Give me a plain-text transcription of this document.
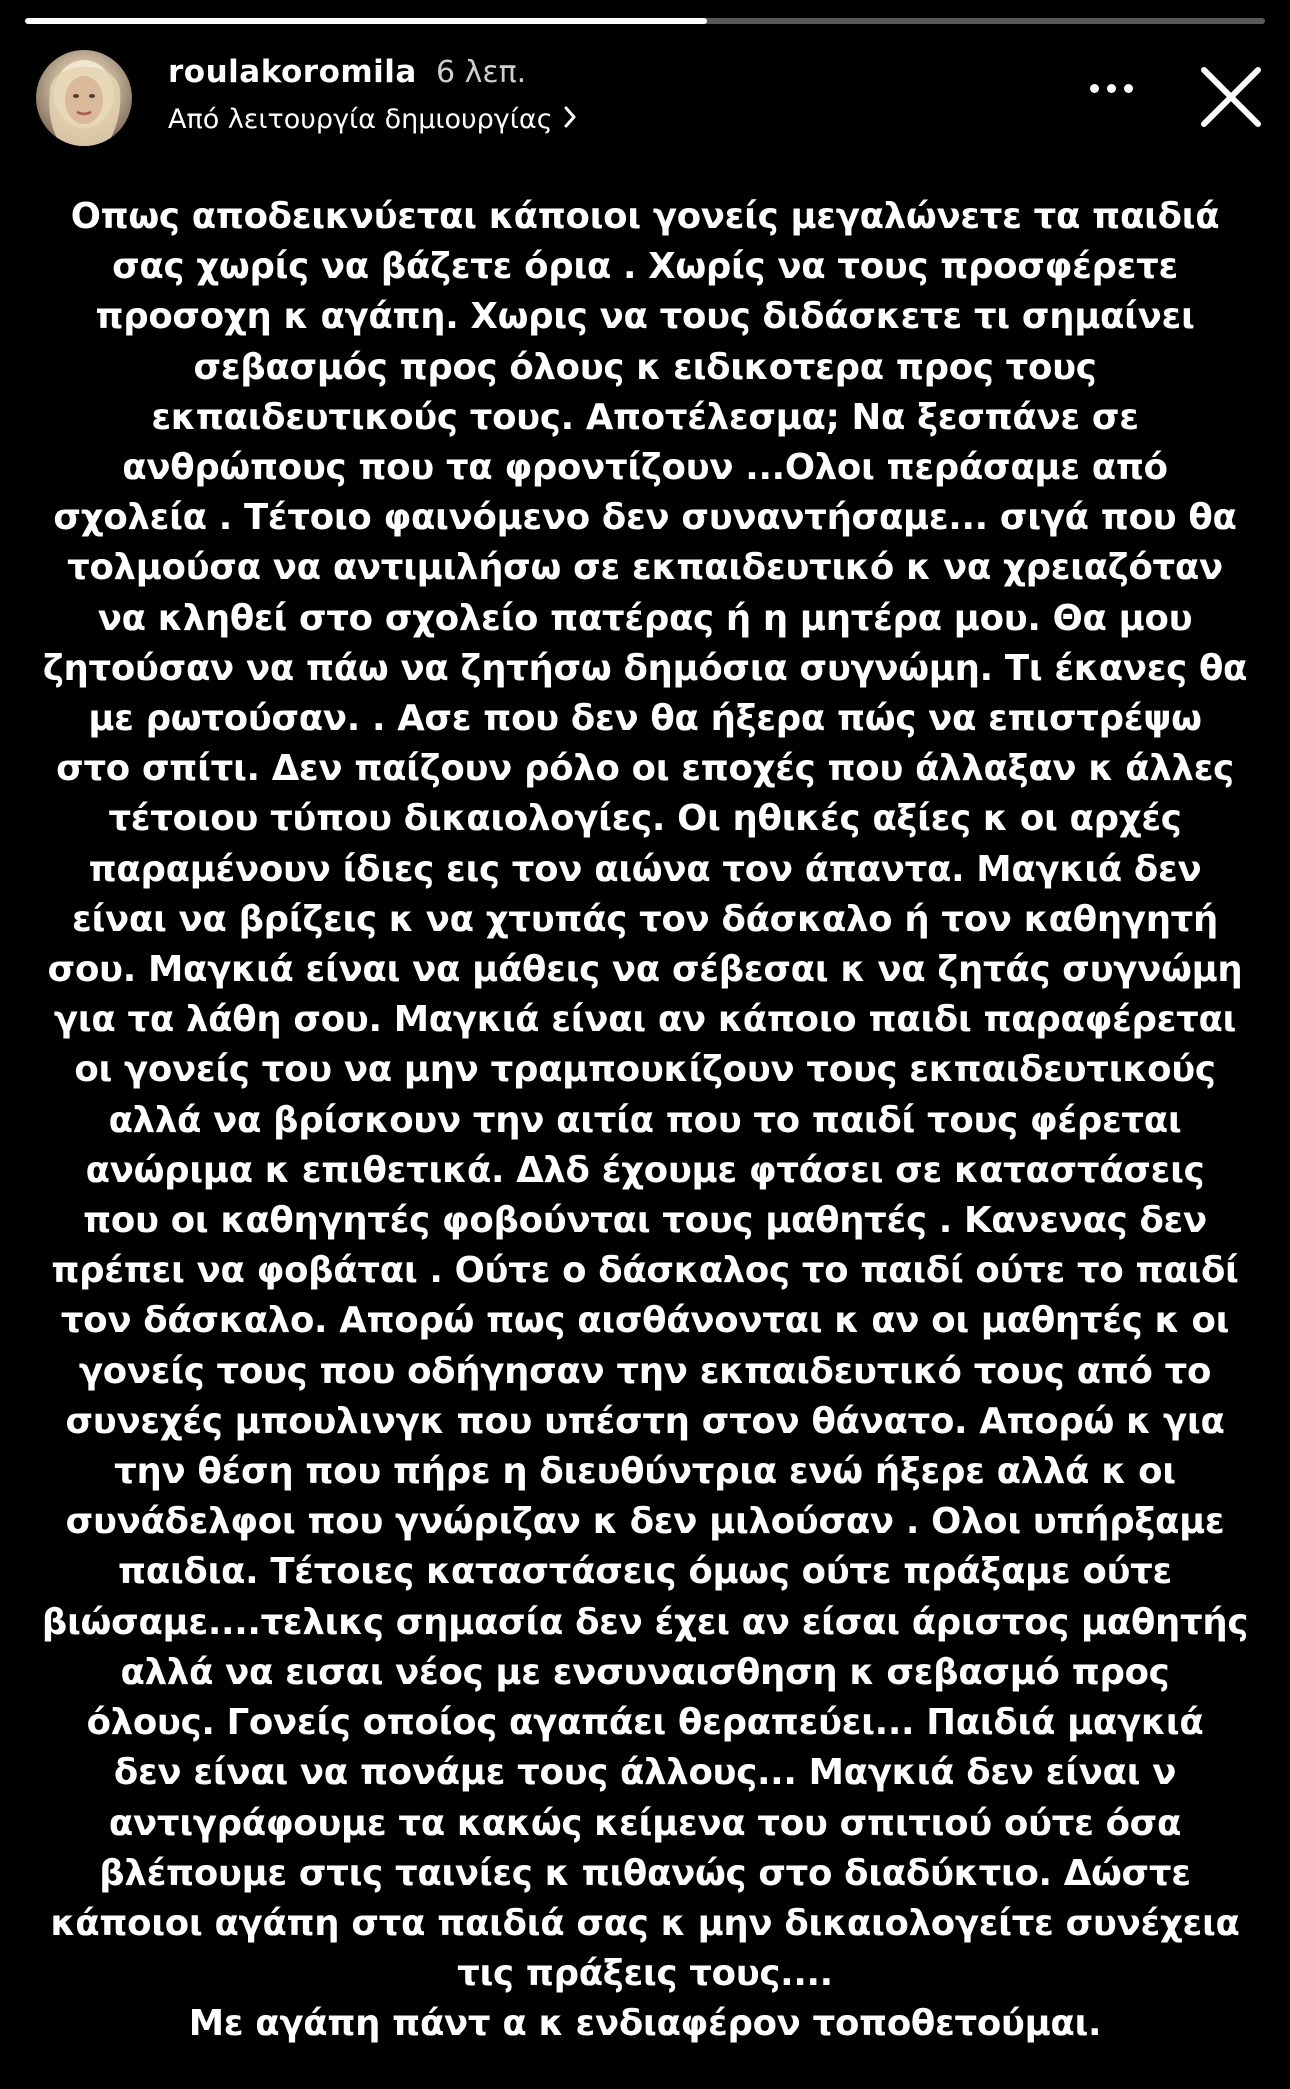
roulakoromila 6 λεπ.
Από λειτουργία δημιουργίας
Οπως αποδεικνύεται κάποιοι γονείς μεγαλώνετε τα παιδιά
σας χωρίς να βάζετε όρια . Χωρίς να τους προσφέρετε
προσοχη κ αγάπη. Χωρις να τους διδάσκετε τι σημαίνει
σεβασμός προς όλους κ ειδικοτερα προς τους
εκπαιδευτικούς τους. Αποτέλεσμα; Να ξεσπάνε σε
ανθρώπους που τα φροντίζουν ...Ολοι περάσαμε από
σχολεία . Τέτοιο φαινόμενο δεν συναντήσαμε... σιγά που θα
τολμούσα να αντιμιλήσω σε εκπαιδευτικό κ να χρειαζόταν
να κληθεί στο σχολείο πατέρας ή η μητέρα μου. Θα μου
ζητούσαν να πάω να ζητήσω δημόσια συγνώμη. Τι έκανες θα
με ρωτούσαν. . Ασε που δεν θα ήξερα πώς να επιστρέψω
στο σπίτι. Δεν παίζουν ρόλο οι εποχές που άλλαξαν κ άλλες
τέτοιου τύπου δικαιολογίες. Οι ηθικές αξίες κ οι αρχές
παραμένουν ίδιες εις τον αιώνα τον άπαντα. Μαγκιά δεν
είναι να βρίζεις κ να χτυπάς τον δάσκαλο ή τον καθηγητή
σου. Μαγκιά είναι να μάθεις να σέβεσαι κ να ζητάς συγνώμη
για τα λάθη σου. Μαγκιά είναι αν κάποιο παιδι παραφέρεται
οι γονείς του να μην τραμπουκίζουν τους εκπαιδευτικούς
αλλά να βρίσκουν την αιτία που το παιδί τους φέρεται
ανώριμα κ επιθετικά. Δλδ έχουμε φτάσει σε καταστάσεις
που οι καθηγητές φοβούνται τους μαθητές . Κανενας δεν
πρέπει να φοβάται . Ούτε ο δάσκαλος το παιδί ούτε το παιδί
τον δάσκαλο. Απορώ πως αισθάνονται κ αν οι μαθητές κ οι
γονείς τους που οδήγησαν την εκπαιδευτικό τους από το
συνεχές μπουλινγκ που υπέστη στον θάνατο. Απορώ κ για
την θέση που πήρε η διευθύντρια ενώ ήξερε αλλά κ οι
συνάδελφοι που γνώριζαν κ δεν μιλούσαν . Ολοι υπήρξαμε
παιδια. Τέτοιες καταστάσεις όμως ούτε πράξαμε ούτε
βιώσαμε....τελικς σημασία δεν έχει αν είσαι άριστος μαθητής
αλλά να εισαι νέος με ενσυναισθηση κ σεβασμό προς
όλους. Γονείς οποίος αγαπάει θεραπεύει... Παιδιά μαγκιά
δεν είναι να πονάμε τους άλλους... Μαγκιά δεν είναι ν
αντιγράφουμε τα κακώς κείμενα του σπιτιού ούτε όσα
βλέπουμε στις ταινίες κ πιθανώς στο διαδύκτιο. Δώστε
κάποιοι αγάπη στα παιδιά σας κ μην δικαιολογείτε συνέχεια
τις πράξεις τους....
Με αγάπη πάντ α κ ενδιαφέρον τοποθετούμαι.
